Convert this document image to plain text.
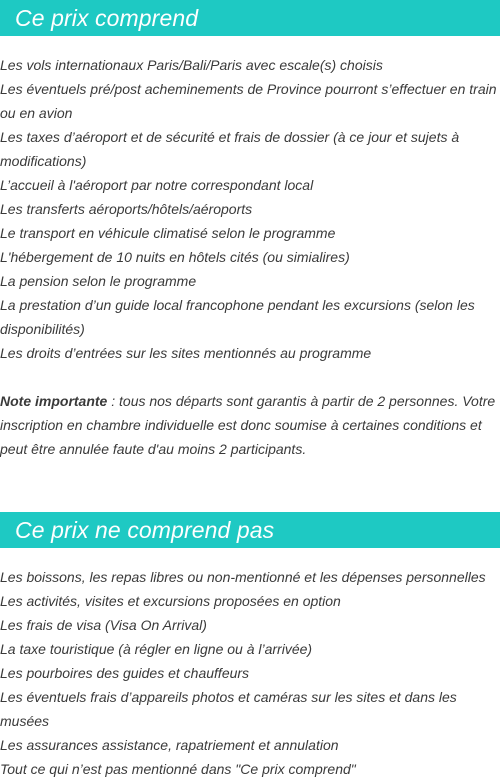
Ce prix comprend

Les vols internationaux Paris/Bali/Paris avec escale(s) choisis

Les éventuels pré/post acheminements de Province pourront s’effectuer en train ou en avion

Les taxes d’aéroport et de sécurité et frais de dossier (à ce jour et sujets à modifications)

L’accueil à l'aéroport par notre correspondant local

Les transferts aéroports/hôtels/aéroports

Le transport en véhicule climatisé selon le programme

L'hébergement de 10 nuits en hôtels cités (ou simialires)

La pension selon le programme

La prestation d’un guide local francophone pendant les excursions (selon les disponibilités)

Les droits d’entrées sur les sites mentionnés au programme

Note importante : tous nos départs sont garantis à partir de 2 personnes. Votre inscription en chambre individuelle est donc soumise à certaines conditions et peut être annulée faute d'au moins 2 participants.

Ce prix ne comprend pas

Les boissons, les repas libres ou non-mentionné et les dépenses personnelles

Les activités, visites et excursions proposées en option

Les frais de visa (Visa On Arrival)

La taxe touristique (à régler en ligne ou à l’arrivée)

Les pourboires des guides et chauffeurs

Les éventuels frais d’appareils photos et caméras sur les sites et dans les musées

Les assurances assistance, rapatriement et annulation

Tout ce qui n’est pas mentionné dans "Ce prix comprend"
